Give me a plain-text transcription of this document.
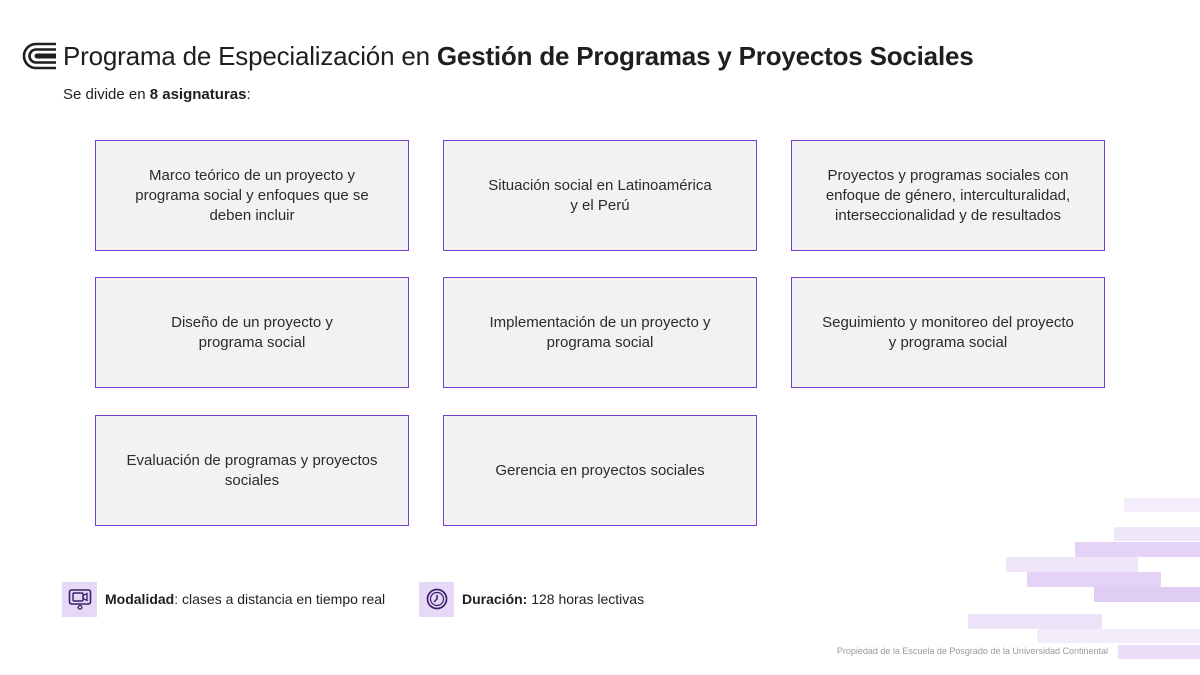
Programa de Especialización en Gestión de Programas y Proyectos Sociales
Se divide en 8 asignaturas:
Marco teórico de un proyecto y
programa social y enfoques que se
deben incluir
Situación social en Latinoamérica
y el Perú
Proyectos y programas sociales con
enfoque de género, interculturalidad,
interseccionalidad y de resultados
Diseño de un proyecto y
programa social
Implementación de un proyecto y
programa social
Seguimiento y monitoreo del proyecto
y programa social
Evaluación de programas y proyectos
sociales
Gerencia en proyectos sociales
Modalidad: clases a distancia en tiempo real	Duración: 128 horas lectivas
Propiedad de la Escuela de Posgrado de la Universidad Continental
